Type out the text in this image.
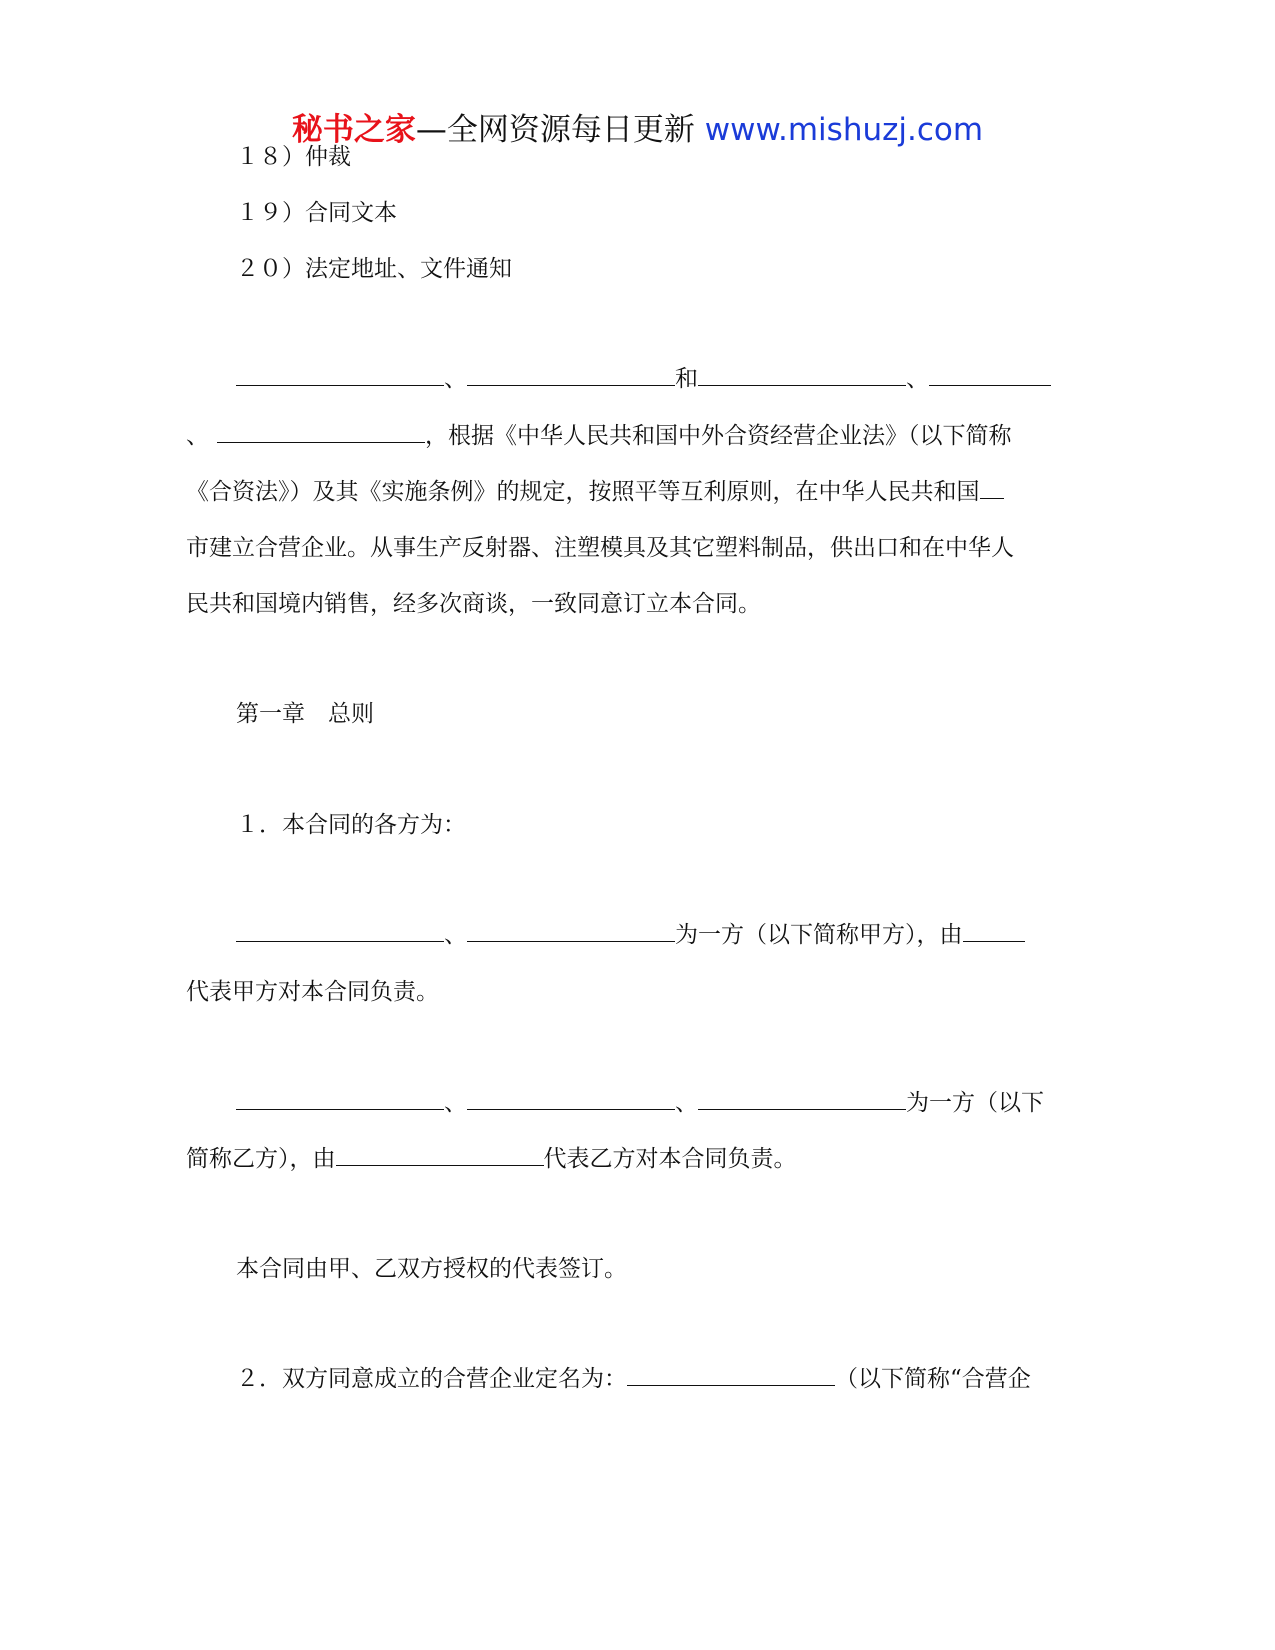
秘书之家—全网资源每日更新 www.mishuzj.com
１８）仲裁
１９）合同文本
２０）法定地址、文件通知
、	和	、
、	，根据《中华人民共和国中外合资经营企业法》（以下简称
《合资法》）及其《实施条例》的规定，按照平等互利原则，在中华人民共和国
市建立合营企业。从事生产反射器、注塑模具及其它塑料制品，供出口和在中华人
民共和国境内销售，经多次商谈，一致同意订立本合同。
第一章　总则
１．本合同的各方为：
、	为一方（以下简称甲方），由
代表甲方对本合同负责。
、	、	为一方（以下
简称乙方），由	代表乙方对本合同负责。
本合同由甲、乙双方授权的代表签订。
２．双方同意成立的合营企业定名为：	（以下简称“合营企
